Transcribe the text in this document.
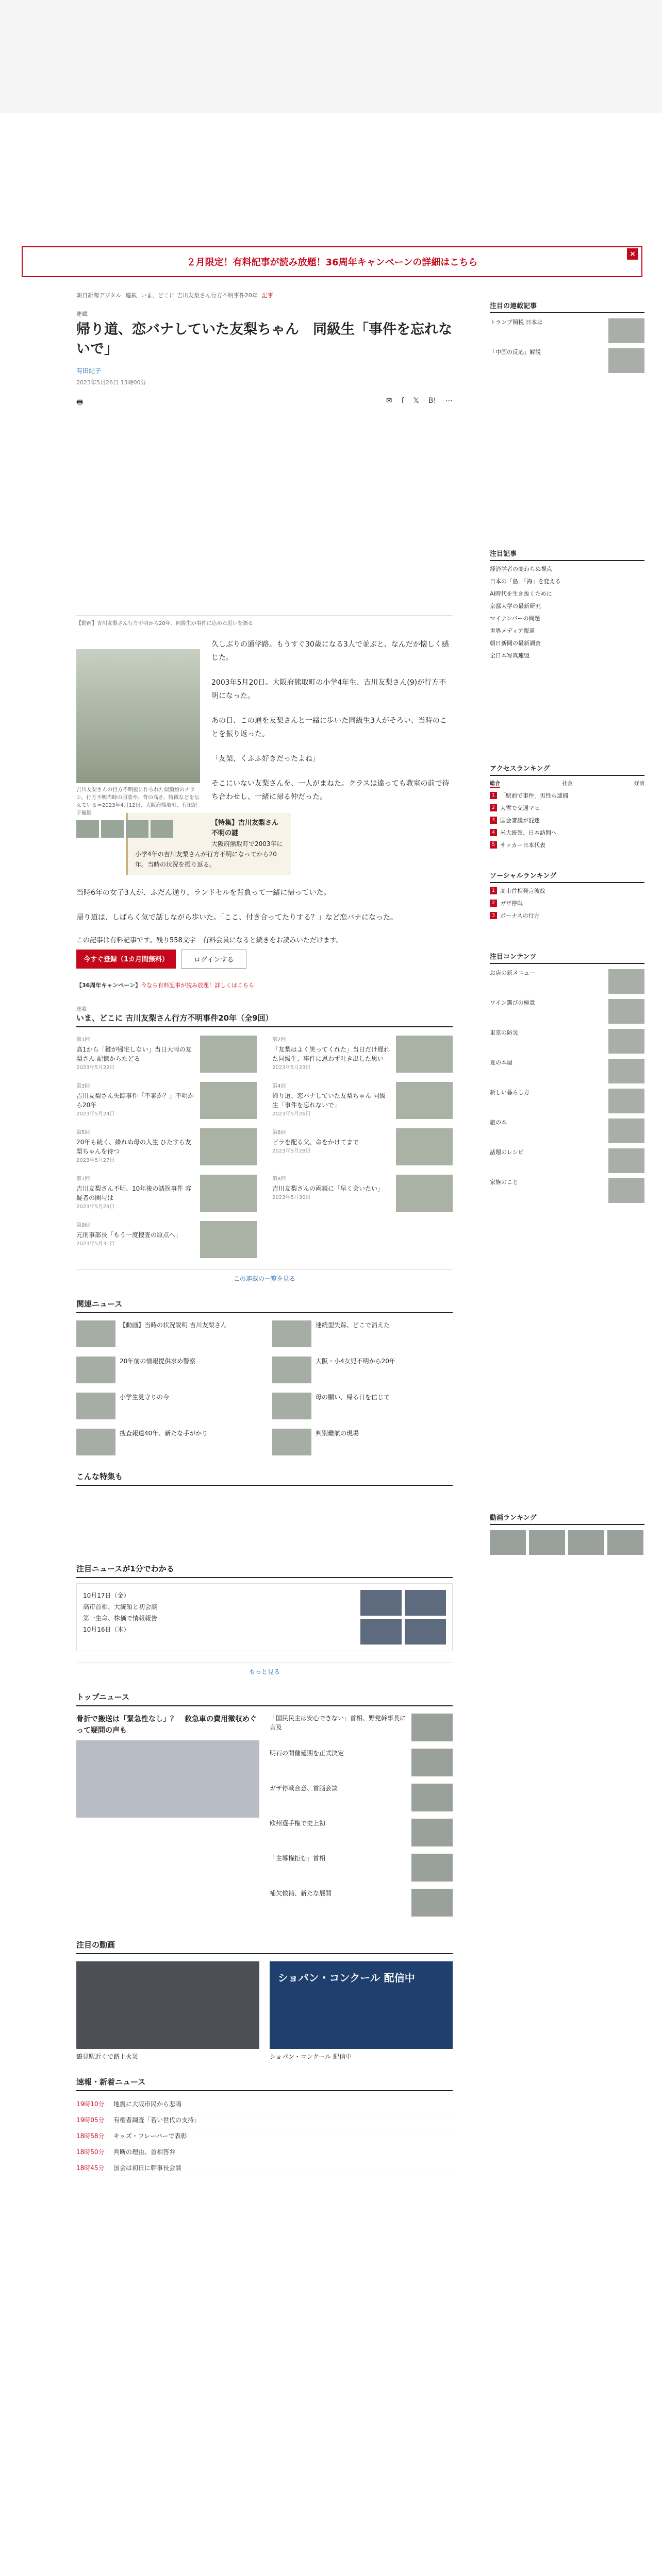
２月限定！有料記事が読み放題！36周年キャンペーンの詳細はこちら
×
朝日新聞デジタル 連載 いま、どこに 吉川友梨さん行方不明事件20年 記事
連載
帰り道、恋バナしていた友梨ちゃん　同級生「事件を忘れないで」
有田紀子
2023年5月26日 13時00分
🖶	✉ f 𝕏 B! ⋯
【動画】吉川友梨さん行方不明から20年、同級生が事件に込めた思いを語る
吉川友梨さんの行方不明後に作られた似顔絵のチラシ。行方不明当時の服装や、背の高さ、特徴などを伝えている＝2023年4月12日、大阪府熊取町、有田紀子撮影

久しぶりの通学路。もうすぐ30歳になる3人で並ぶと、なんだか懐しく感じた。

2003年5月20日。大阪府熊取町の小学4年生、吉川友梨さん(9)が行方不明になった。

あの日、この通を友梨さんと一緒に歩いた同級生3人がそろい、当時のことを振り返った。

「友梨、くふふ好きだったよね」

そこにいない友梨さんを、一人がまねた。クラスは違っても教室の前で待ち合わせし、一緒に帰る仲だった。

【特集】吉川友梨さん不明の謎
大阪府熊取町で2003年に小学4年の吉川友梨さんが行方不明になってから20年。当時の状況を振り返る。

当時6年の女子3人が、ふだん通り、ランドセルを背負って一緒に帰っていた。

帰り道は、しばらく気で話しながら歩いた。「ここ、付き合ってたりする？」など恋バナになった。

この記事は有料記事です。残り558文字　有料会員になると続きをお読みいただけます。
今すぐ登録（1カ月間無料）	ログインする
【36周年キャンペーン】今なら有料記事が読み放題！詳しくはこちら
連載
いま、どこに 吉川友梨さん行方不明事件20年（全9回）
第1回
高1から「鍵が帰宅しない」当日大雨の友梨さん 記憶からたどる
2023年5月22日
第2回
「友梨はよく笑ってくれた」当日だけ遅れた同級生、事件に思わず吐き出した思い
2023年5月23日
第3回
吉川友梨さん失踪事件「不審か？」不明から20年
2023年5月24日
第4回
帰り道、恋バナしていた友梨ちゃん 同級生「事件を忘れないで」
2023年5月26日
第5回
20年も続く、繰れぬ母の人生 ひたすら友梨ちゃんを待つ
2023年5月27日
第6回
ビラを配る父、命をかけてまで
2023年5月28日
第7回
吉川友梨さん不明、10年後の誘拐事件 容疑者の関与は
2023年5月29日
第8回
吉川友梨さんの両親に「早く会いたい」
2023年5月30日
第9回
元刑事部長「もう一度捜査の原点へ」
2023年5月31日
この連載の一覧を見る
関連ニュース
【動画】当時の状況説明 吉川友梨さん	連続型失踪、どこで消えた
20年前の情報提供求め警察	大阪・小4女児不明から20年
小学生見守りの今	母の願い、帰る日を信じて
捜査報道40年、新たな手がかり	判別難航の現場
こんな特集も
注目ニュースが1分でわかる
10月17日（金）
高市首相、大統領と初会談
第一生命、株価で情報報告
10月16日（木）
もっと見る
トップニュース
骨折で搬送は「緊急性なし」？　救急車の費用徴収めぐって疑問の声も
「国民民主は安心できない」首相、野党幹事長に言及
明石の開催延期を正式決定
ガザ停戦合意、首脳会談
欧州選手権で史上初
「主導権拒む」首相
補欠候補、新たな展開
注目の動画
鶴見駅近くで路上火災
ショパン・コンクール 配信中
ショパン・コンクール 配信中
速報・新着ニュース
19時10分	地震に大阪市民から悲鳴
19時05分	有権者調査「若い世代の支持」
18時58分	キッズ・フレーバーで表彰
18時50分	判断の理由、首相答弁
18時45分	国会は初日に幹事長会談
注目の連載記事
トランプ関税 日本は
「中国の反応」解説
注目記事
経済学者の変わらぬ視点
日本の「島」「海」を変える
AI時代を生き抜くために
京都大学の最新研究
マイナンバーの問題
世界メディア報道
朝日新聞の最新調査
全日本写真連盟
アクセスランキング
総合	社会	経済
1 「駅前で事件」男性ら逮捕
2 大雪で交通マヒ
3 国会審議が混迷
4 米大統領、日本訪問へ
5 サッカー日本代表
ソーシャルランキング
1 高市首相発言波紋
2 ガザ停戦
3 ボーナスの行方
注目コンテンツ
お店の新メニュー
ワイン選びの極意
東京の防災
夏の本屋
新しい暮らし方
旅の本
話題のレシピ
家族のこと
動画ランキング
